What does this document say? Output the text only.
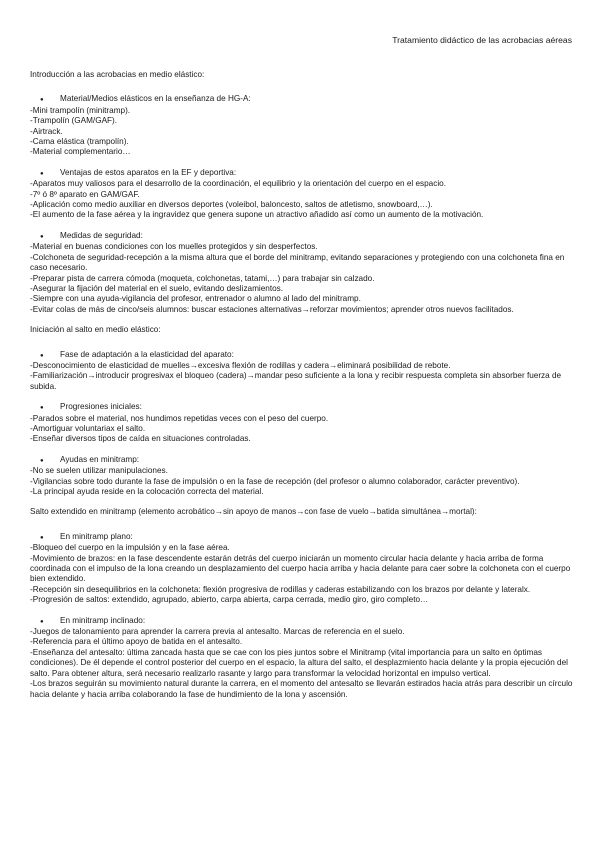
Tratamiento didáctico de las acrobacias aéreas

Introducción a las acrobacias en medio elástico:

● Material/Medios elásticos en la enseñanza de HG-A:

-Mini trampolín (minitramp).

-Trampolín (GAM/GAF).

-Airtrack.

-Cama elástica (trampolín).

-Material complementario…

● Ventajas de estos aparatos en la EF y deportiva:

-Aparatos muy valiosos para el desarrollo de la coordinación, el equilibrio y la orientación del cuerpo en el espacio.

-7º ó 8º aparato en GAM/GAF.

-Aplicación como medio auxiliar en diversos deportes (voleibol, baloncesto, saltos de atletismo, snowboard,…).

-El aumento de la fase aérea y la ingravidez que genera supone un atractivo añadido así como un aumento de la motivación.

● Medidas de seguridad:

-Material en buenas condiciones con los muelles protegidos y sin desperfectos.

-Colchoneta de seguridad-recepción a la misma altura que el borde del minitramp, evitando separaciones y protegiendo con una colchoneta fina en caso necesario.

-Preparar pista de carrera cómoda (moqueta, colchonetas, tatami,…) para trabajar sin calzado.

-Asegurar la fijación del material en el suelo, evitando deslizamientos.

-Siempre con una ayuda-vigilancia del profesor, entrenador o alumno al lado del minitramp.

-Evitar colas de más de cinco/seis alumnos: buscar estaciones alternativas→reforzar movimientos; aprender otros nuevos facilitados.

Iniciación al salto en medio elástico:

● Fase de adaptación a la elasticidad del aparato:

-Desconocimiento de elasticidad de muelles→excesiva flexión de rodillas y cadera→eliminará posibilidad de rebote.

-Familiarización→introducir progresivax el bloqueo (cadera)→mandar peso suficiente a la lona y recibir respuesta completa sin absorber fuerza de subida.

● Progresiones iniciales:

-Parados sobre el material, nos hundimos repetidas veces con el peso del cuerpo.

-Amortiguar voluntariax el salto.

-Enseñar diversos tipos de caída en situaciones controladas.

● Ayudas en minitramp:

-No se suelen utilizar manipulaciones.

-Vigilancias sobre todo durante la fase de impulsión o en la fase de recepción (del profesor o alumno colaborador, carácter preventivo).

-La principal ayuda reside en la colocación correcta del material.

Salto extendido en minitramp (elemento acrobático→sin apoyo de manos→con fase de vuelo→batida simultánea→mortal):

● En minitramp plano:

-Bloqueo del cuerpo en la impulsión y en la fase aérea.

-Movimiento de brazos: en la fase descendente estarán detrás del cuerpo iniciarán un momento circular hacia delante y hacia arriba de forma coordinada con el impulso de la lona creando un desplazamiento del cuerpo hacia arriba y hacia delante para caer sobre la colchoneta con el cuerpo bien extendido.

-Recepción sin desequilibrios en la colchoneta: flexión progresiva de rodillas y caderas estabilizando con los brazos por delante y lateralx.

-Progresión de saltos: extendido, agrupado, abierto, carpa abierta, carpa cerrada, medio giro, giro completo…

● En minitramp inclinado:

-Juegos de talonamiento para aprender la carrera previa al antesalto. Marcas de referencia en el suelo.

-Referencia para el último apoyo de batida en el antesalto.

-Enseñanza del antesalto: última zancada hasta que se cae con los pies juntos sobre el Minitramp (vital importancia para un salto en óptimas condiciones). De él depende el control posterior del cuerpo en el espacio, la altura del salto, el desplazmiento hacia delante y la propia ejecución del salto. Para obtener altura, será necesario realizarlo rasante y largo para transformar la velocidad horizontal en impulso vertical.

-Los brazos seguirán su movimiento natural durante la carrera, en el momento del antesalto se llevarán estirados hacia atrás para describir un círculo hacia delante y hacia arriba colaborando la fase de hundimiento de la lona y ascensión.
